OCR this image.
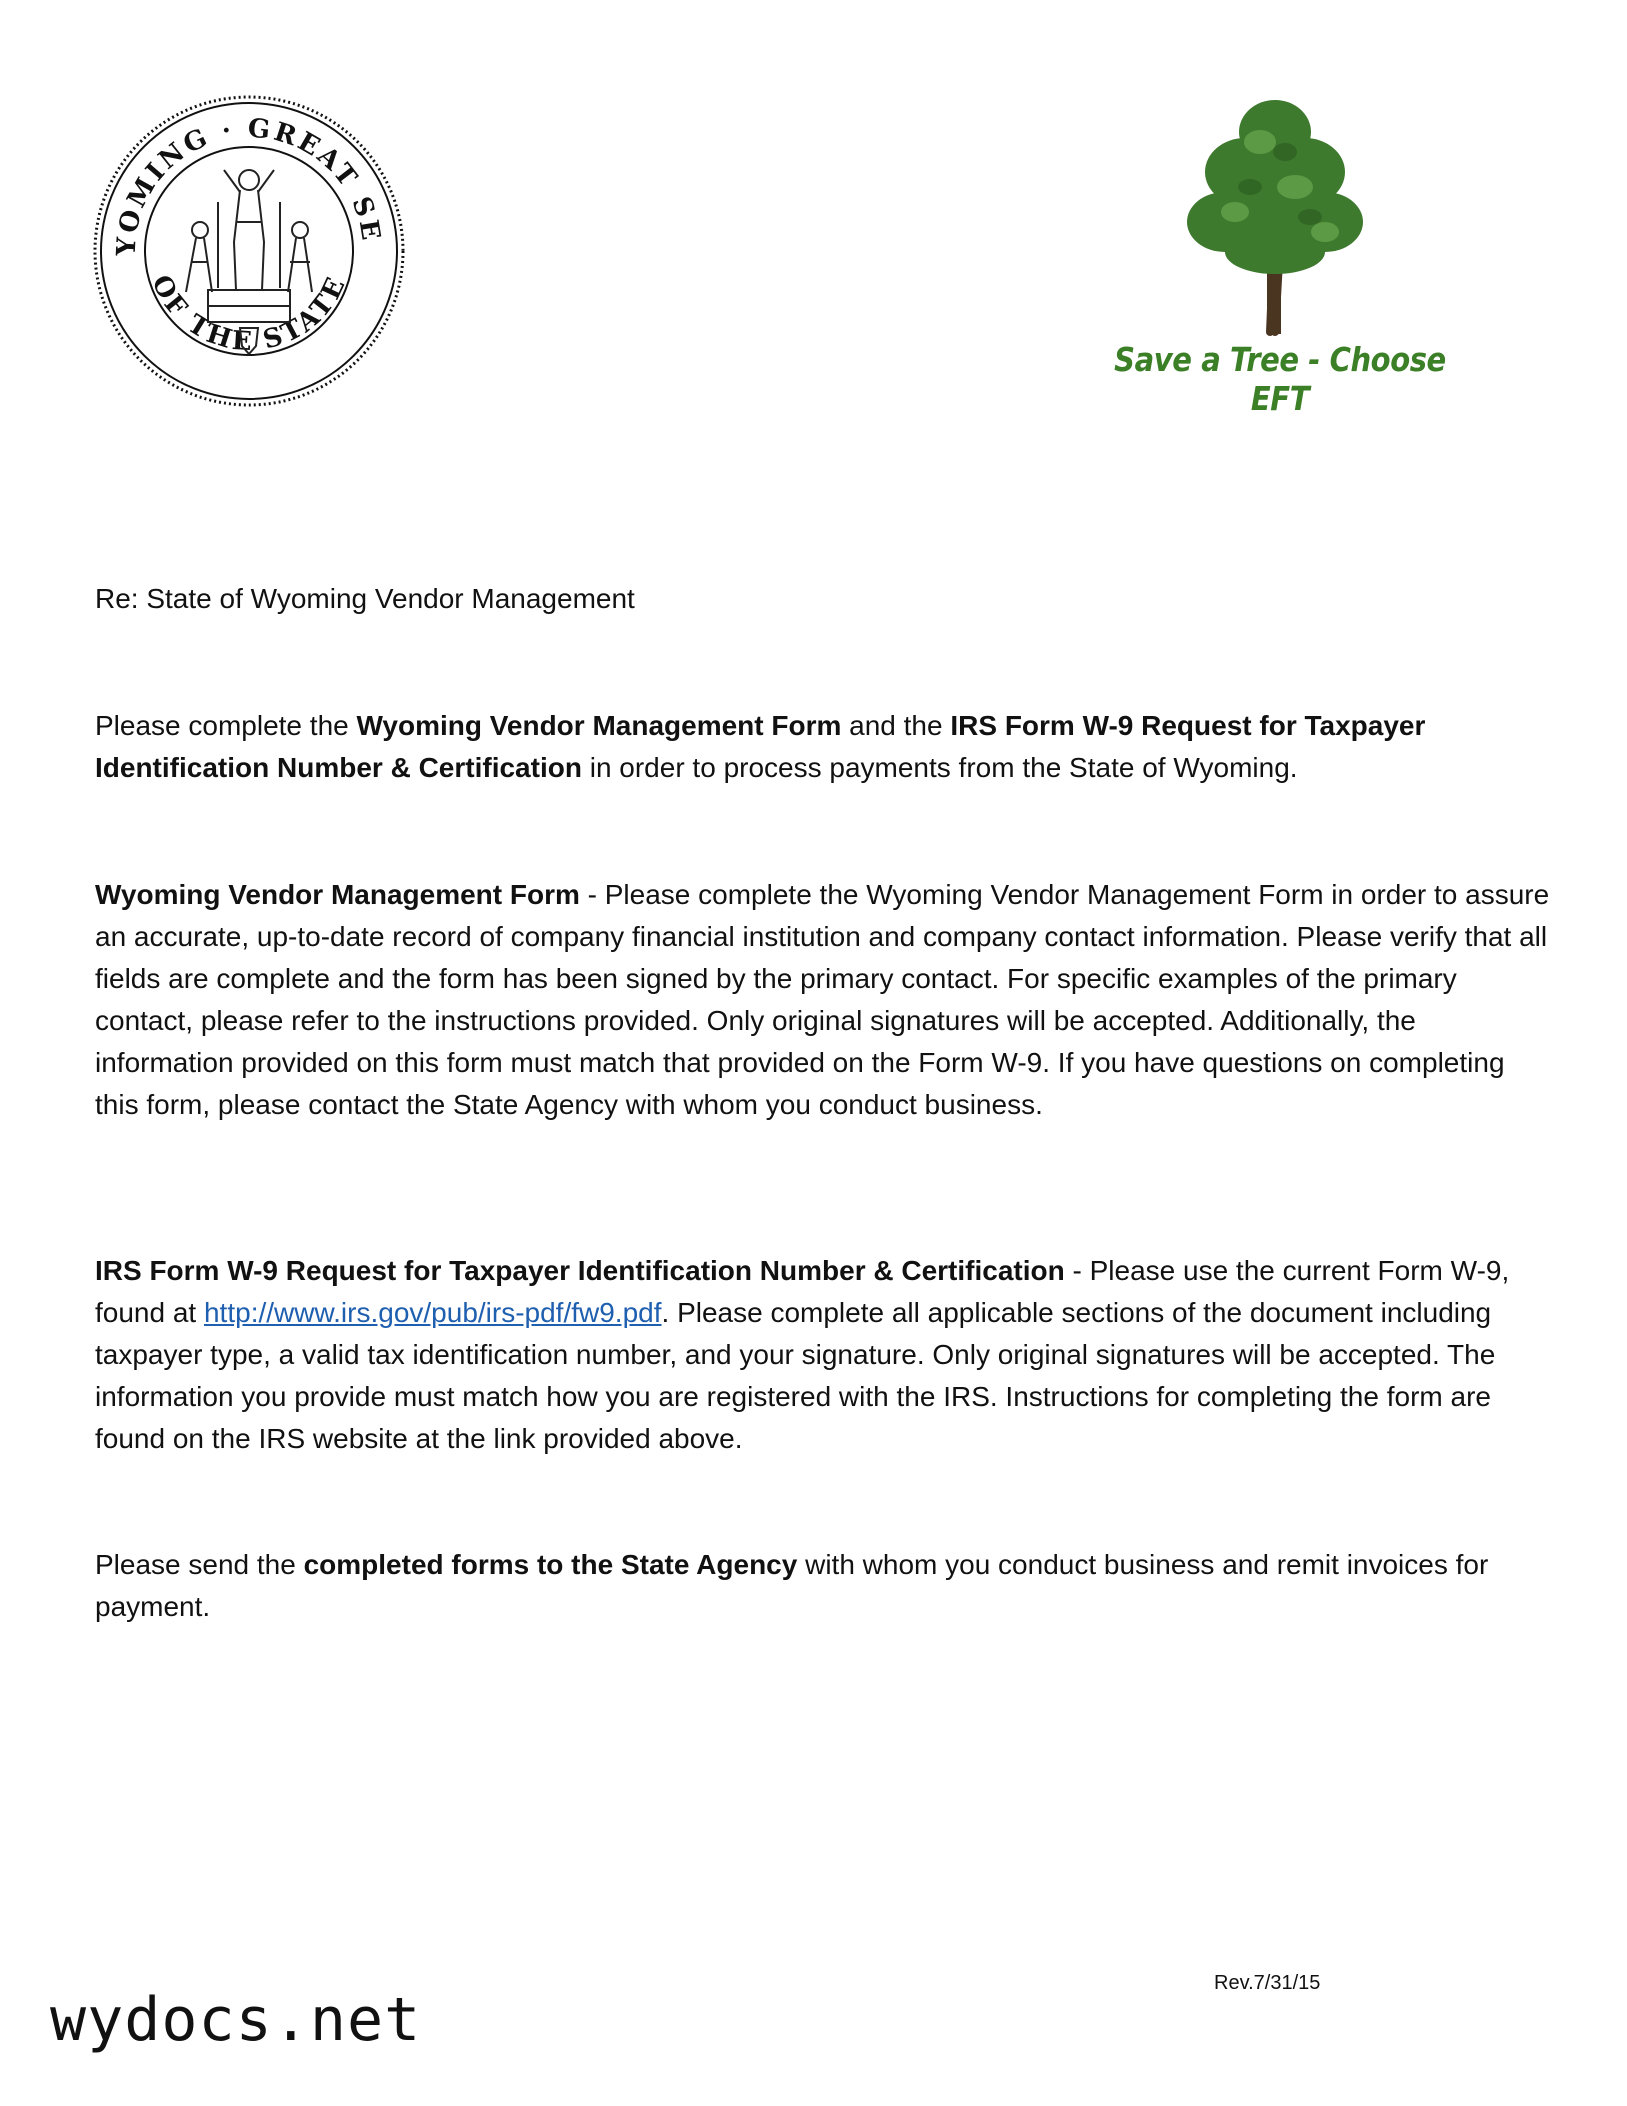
YOMING · GREAT SE
OF THE STATE
Save a Tree - Choose EFT
Re: State of Wyoming Vendor Management
Please complete the Wyoming Vendor Management Form and the IRS Form W-9 Request for Taxpayer Identification Number & Certification in order to process payments from the State of Wyoming.
Wyoming Vendor Management Form - Please complete the Wyoming Vendor Management Form in order to assure an accurate, up-to-date record of company financial institution and company contact information. Please verify that all fields are complete and the form has been signed by the primary contact. For specific examples of the primary contact, please refer to the instructions provided. Only original signatures will be accepted. Additionally, the information provided on this form must match that provided on the Form W-9. If you have questions on completing this form, please contact the State Agency with whom you conduct business.
IRS Form W-9 Request for Taxpayer Identification Number & Certification - Please use the current Form W-9, found at http://www.irs.gov/pub/irs-pdf/fw9.pdf. Please complete all applicable sections of the document including taxpayer type, a valid tax identification number, and your signature. Only original signatures will be accepted. The information you provide must match how you are registered with the IRS. Instructions for completing the form are found on the IRS website at the link provided above.
Please send the completed forms to the State Agency with whom you conduct business and remit invoices for payment.
Rev.7/31/15
wydocs.net
